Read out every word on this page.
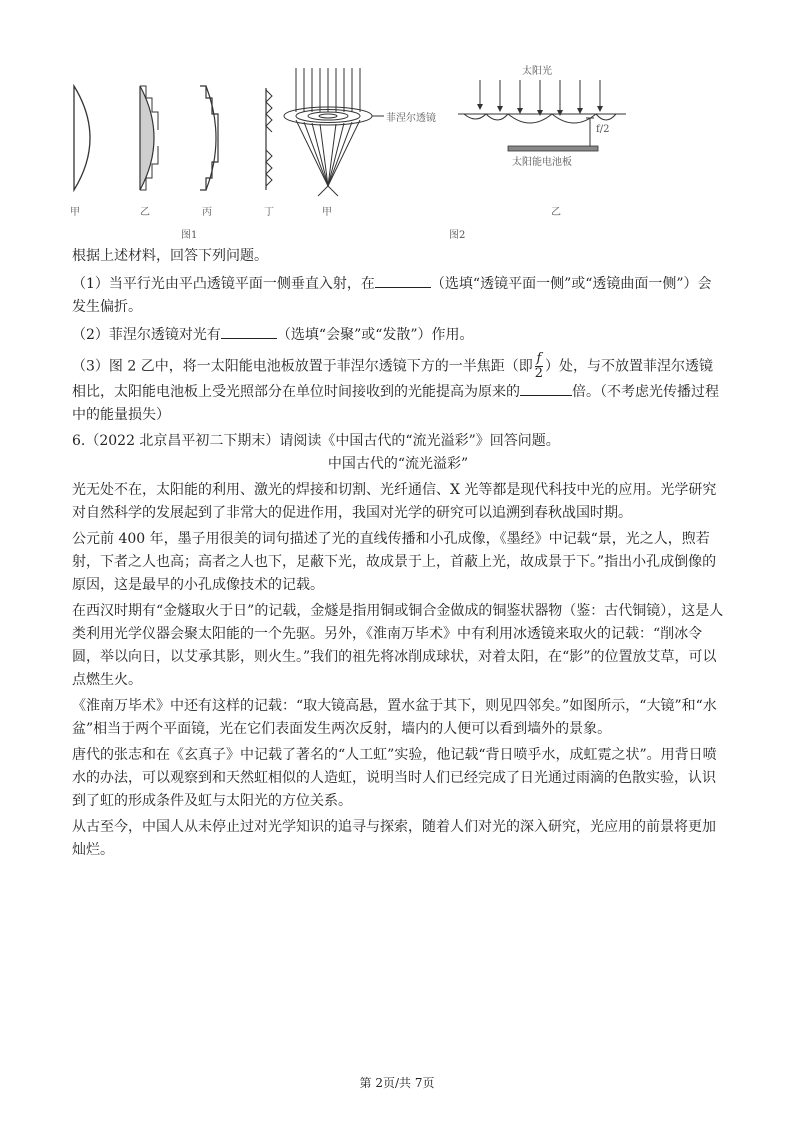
甲	乙	丙	丁	甲	乙
图1	图2
菲涅尔透镜
太阳光
f/2
太阳能电池板

根据上述材料，回答下列问题。

（1）当平行光由平凸透镜平面一侧垂直入射，在	（选填“透镜平面一侧”或“透镜曲面一侧”）会发生偏折。

（2）菲涅尔透镜对光有	（选填“会聚”或“发散”）作用。

（3）图 2 乙中，将一太阳能电池板放置于菲涅尔透镜下方的一半焦距（即 $\frac{f}{2}$ ）处，与不放置菲涅尔透镜相比，太阳能电池板上受光照部分在单位时间接收到的光能提高为原来的	倍。（不考虑光传播过程中的能量损失）

6.（2022 北京昌平初二下期末）请阅读《中国古代的“流光溢彩”》回答问题。

中国古代的“流光溢彩”

光无处不在，太阳能的利用、激光的焊接和切割、光纤通信、X 光等都是现代科技中光的应用。光学研究对自然科学的发展起到了非常大的促进作用，我国对光学的研究可以追溯到春秋战国时期。

公元前 400 年，墨子用很美的词句描述了光的直线传播和小孔成像，《墨经》中记载“景，光之人，煦若射，下者之人也高；高者之人也下，足蔽下光，故成景于上，首蔽上光，故成景于下。”指出小孔成倒像的原因，这是最早的小孔成像技术的记载。

在西汉时期有“金燧取火于日”的记载，金燧是指用铜或铜合金做成的铜鉴状器物（鉴：古代铜镜），这是人类利用光学仪器会聚太阳能的一个先驱。另外，《淮南万毕术》中有利用冰透镜来取火的记载：“削冰令圆，举以向日，以艾承其影，则火生。”我们的祖先将冰削成球状，对着太阳，在“影”的位置放艾草，可以点燃生火。

《淮南万毕术》中还有这样的记载：“取大镜高悬，置水盆于其下，则见四邻矣。”如图所示，“大镜”和“水盆”相当于两个平面镜，光在它们表面发生两次反射，墙内的人便可以看到墙外的景象。

唐代的张志和在《玄真子》中记载了著名的“人工虹”实验，他记载“背日喷乎水，成虹霓之状”。用背日喷水的办法，可以观察到和天然虹相似的人造虹，说明当时人们已经完成了日光通过雨滴的色散实验，认识到了虹的形成条件及虹与太阳光的方位关系。

从古至今，中国人从未停止过对光学知识的追寻与探索，随着人们对光的深入研究，光应用的前景将更加灿烂。

第 2页/共 7页
